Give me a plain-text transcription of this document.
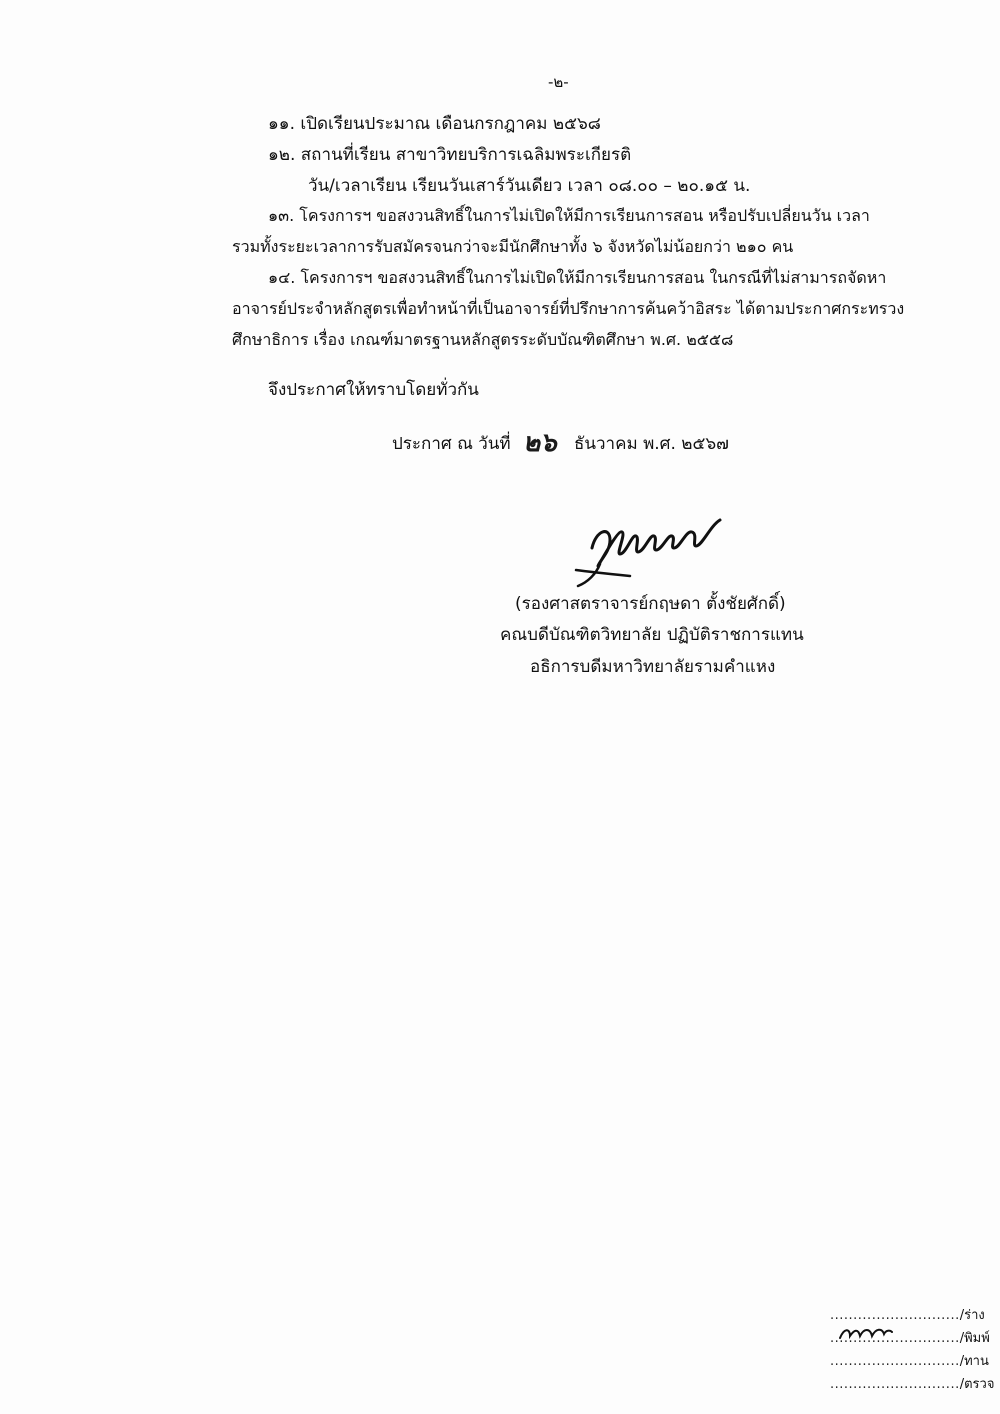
-๒-
๑๑. เปิดเรียนประมาณ เดือนกรกฎาคม ๒๕๖๘
๑๒. สถานที่เรียน สาขาวิทยบริการเฉลิมพระเกียรติ
วัน/เวลาเรียน เรียนวันเสาร์วันเดียว เวลา ๐๘.๐๐ – ๒๐.๑๕ น.
๑๓. โครงการฯ ขอสงวนสิทธิ์ในการไม่เปิดให้มีการเรียนการสอน หรือปรับเปลี่ยนวัน เวลา
รวมทั้งระยะเวลาการรับสมัครจนกว่าจะมีนักศึกษาทั้ง ๖ จังหวัดไม่น้อยกว่า ๒๑๐ คน
๑๔. โครงการฯ ขอสงวนสิทธิ์ในการไม่เปิดให้มีการเรียนการสอน ในกรณีที่ไม่สามารถจัดหา
อาจารย์ประจำหลักสูตรเพื่อทำหน้าที่เป็นอาจารย์ที่ปรึกษาการค้นคว้าอิสระ ได้ตามประกาศกระทรวง
ศึกษาธิการ เรื่อง เกณฑ์มาตรฐานหลักสูตรระดับบัณฑิตศึกษา พ.ศ. ๒๕๕๘
จึงประกาศให้ทราบโดยทั่วกัน
ประกาศ ณ วันที่ ๒๖ ธันวาคม พ.ศ. ๒๕๖๗
(รองศาสตราจารย์กฤษดา ตั้งชัยศักดิ์)
คณบดีบัณฑิตวิทยาลัย ปฏิบัติราชการแทน
อธิการบดีมหาวิทยาลัยรามคำแหง
............................/ร่าง
............................/พิมพ์
............................/ทาน
............................/ตรวจ
